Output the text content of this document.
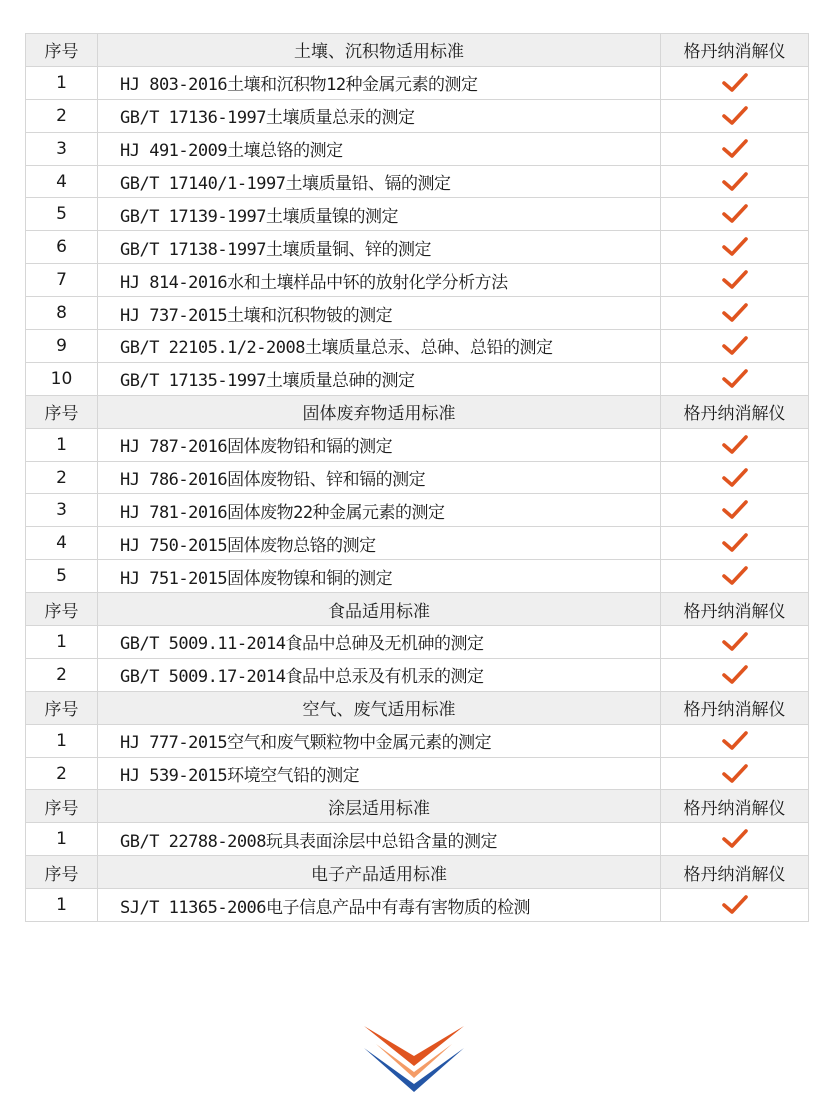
序号	土壤、沉积物适用标准	格丹纳消解仪
1	HJ 803-2016土壤和沉积物12种金属元素的测定	

2	GB/T 17136-1997土壤质量总汞的测定	

3	HJ 491-2009土壤总铬的测定	

4	GB/T 17140/1-1997土壤质量铅、镉的测定	

5	GB/T 17139-1997土壤质量镍的测定	

6	GB/T 17138-1997土壤质量铜、锌的测定	

7	HJ 814-2016水和土壤样品中钚的放射化学分析方法	

8	HJ 737-2015土壤和沉积物铍的测定	

9	GB/T 22105.1/2-2008土壤质量总汞、总砷、总铅的测定	

10	GB/T 17135-1997土壤质量总砷的测定	

序号	固体废弃物适用标准	格丹纳消解仪
1	HJ 787-2016固体废物铅和镉的测定	

2	HJ 786-2016固体废物铅、锌和镉的测定	

3	HJ 781-2016固体废物22种金属元素的测定	

4	HJ 750-2015固体废物总铬的测定	

5	HJ 751-2015固体废物镍和铜的测定	

序号	食品适用标准	格丹纳消解仪
1	GB/T 5009.11-2014食品中总砷及无机砷的测定	

2	GB/T 5009.17-2014食品中总汞及有机汞的测定	

序号	空气、废气适用标准	格丹纳消解仪
1	HJ 777-2015空气和废气颗粒物中金属元素的测定	

2	HJ 539-2015环境空气铅的测定	

序号	涂层适用标准	格丹纳消解仪
1	GB/T 22788-2008玩具表面涂层中总铅含量的测定	

序号	电子产品适用标准	格丹纳消解仪
1	SJ/T 11365-2006电子信息产品中有毒有害物质的检测	
